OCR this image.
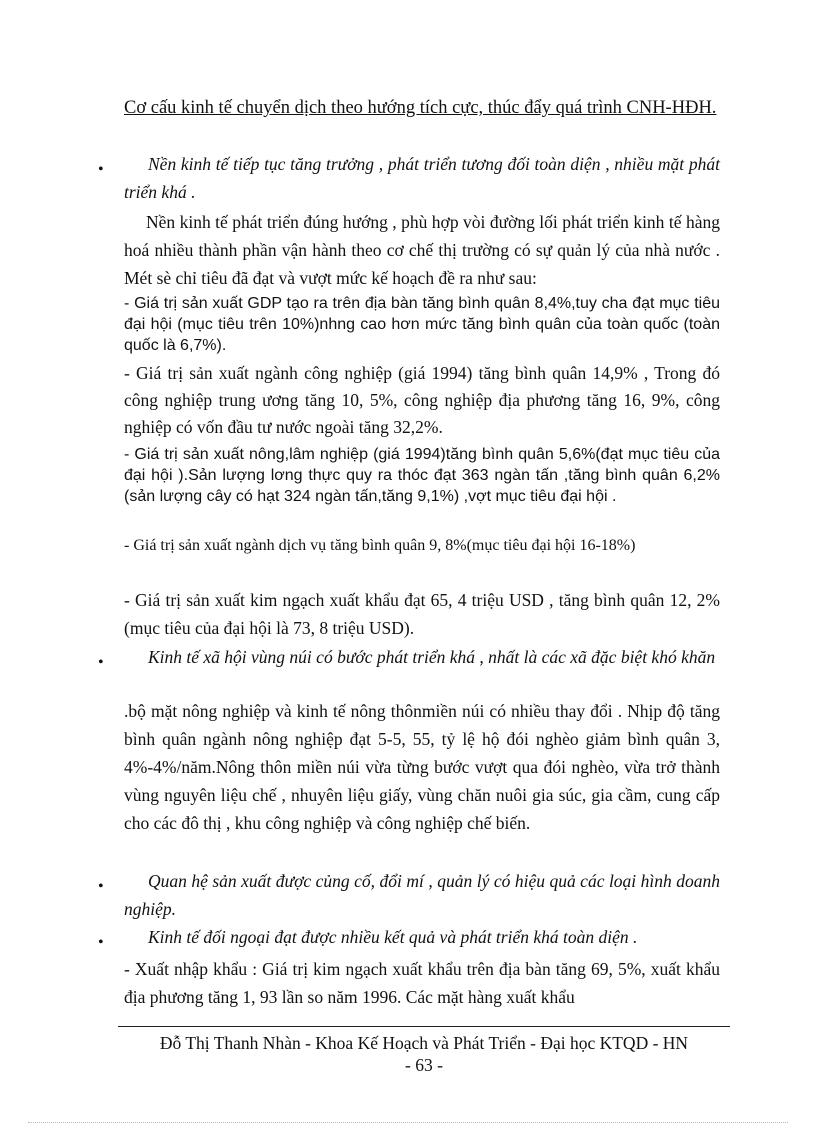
Cơ cấu kinh tế chuyển dịch theo hướng tích cực, thúc đẩy quá trình CNH-HĐH.

•	Nền kinh tế tiếp tục tăng trưởng , phát triển tương đối toàn diện , nhiều mặt phát triển khá .

Nền kinh tế phát triển đúng hướng , phù hợp vòi đường lối phát triển kinh tế hàng hoá nhiều thành phần vận hành theo cơ chế thị trường có sự quản lý của nhà nước . Mét sè chỉ tiêu đã đạt và vượt mức kế hoạch đề ra như sau:

- Giá trị sản xuất GDP tạo ra trên địa bàn tăng bình quân 8,4%,tuy cha đạt mục tiêu đại hội (mục tiêu trên 10%)nhng cao hơn mức tăng bình quân của toàn quốc (toàn quốc là 6,7%).

- Giá trị sản xuất ngành công nghiệp (giá 1994) tăng bình quân 14,9% , Trong đó công nghiệp trung ương tăng 10, 5%, công nghiệp địa phương tăng 16, 9%, công nghiệp có vốn đầu tư nước ngoài tăng 32,2%.

- Giá trị sản xuất nông,lâm nghiệp (giá 1994)tăng bình quân 5,6%(đạt mục tiêu của đại hội ).Sản lượng lơng thực quy ra thóc đạt 363 ngàn tấn ,tăng bình quân 6,2%(sản lượng cây có hạt 324 ngàn tấn,tăng 9,1%) ,vợt mục tiêu đại hội .

- Giá trị sản xuất ngành dịch vụ tăng bình quân 9, 8%(mục tiêu đại hội 16-18%)

- Giá trị sản xuất kim ngạch xuất khẩu đạt 65, 4 triệu USD , tăng bình quân 12, 2%(mục tiêu của đại hội là 73, 8 triệu USD).

•	Kinh tế xã hội vùng núi có bước phát triển khá , nhất là các xã đặc biệt khó khăn

.bộ mặt nông nghiệp và kinh tế nông thônmiền núi có nhiều thay đổi . Nhịp độ tăng bình quân ngành nông nghiệp đạt 5-5, 55, tỷ lệ hộ đói nghèo giảm bình quân 3, 4%-4%/năm.Nông thôn miền núi vừa từng bước vượt qua đói nghèo, vừa trở thành vùng nguyên liệu chế , nhuyên liệu giấy, vùng chăn nuôi gia súc, gia cầm, cung cấp cho các đô thị , khu công nghiệp và công nghiệp chế biến.

•	Quan hệ sản xuất được củng cố, đổi mí , quản lý có hiệu quả các loại hình doanh nghiệp.

•	Kinh tế đối ngoại đạt được nhiều kết quả và phát triển khá toàn diện .

- Xuất nhập khẩu : Giá trị kim ngạch xuất khẩu trên địa bàn tăng 69, 5%, xuất khẩu địa phương tăng 1, 93 lần so năm 1996. Các mặt hàng xuất khẩu

Đỗ Thị Thanh Nhàn - Khoa Kế Hoạch và Phát Triển - Đại học KTQD - HN
- 63 -
